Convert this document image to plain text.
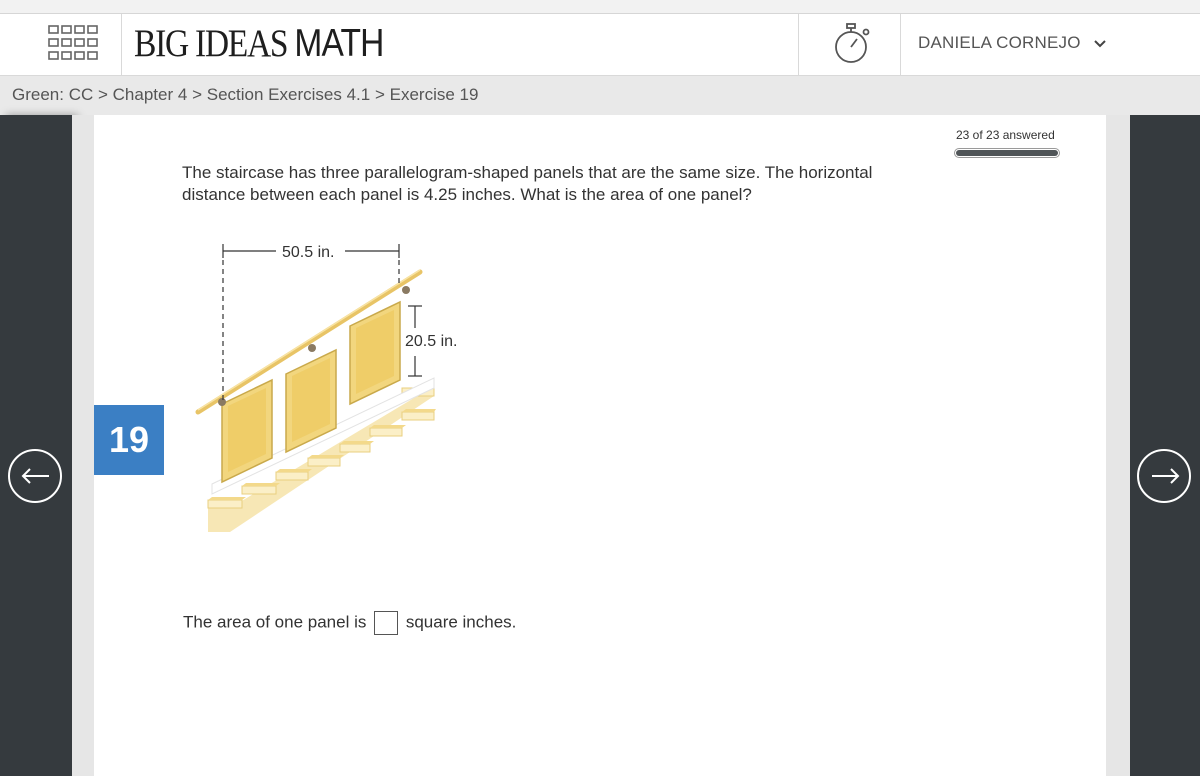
BIG IDEAS MATH	DANIELA CORNEJO
Green: CC > Chapter 4 > Section Exercises 4.1 > Exercise 19
23 of 23 answered
19
The staircase has three parallelogram-shaped panels that are the same size. The horizontal distance between each panel is 4.25 inches. What is the area of one panel?
50.5 in.
20.5 in.
The area of one panel is square inches.
